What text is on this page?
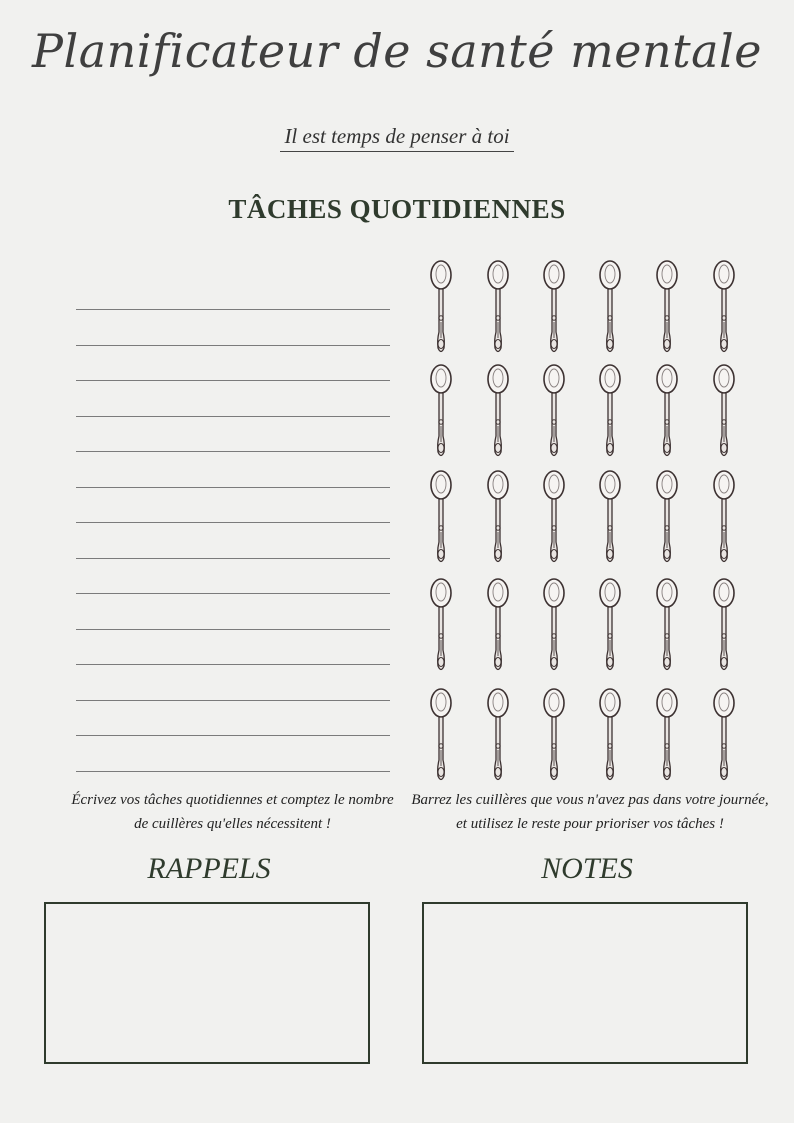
Planificateur de santé mentale
Il est temps de penser à toi
TÂCHES QUOTIDIENNES
Écrivez vos tâches quotidiennes et comptez le nombre de cuillères qu'elles nécessitent !
Barrez les cuillères que vous n'avez pas dans votre journée, et utilisez le reste pour prioriser vos tâches !
RAPPELS	NOTES
